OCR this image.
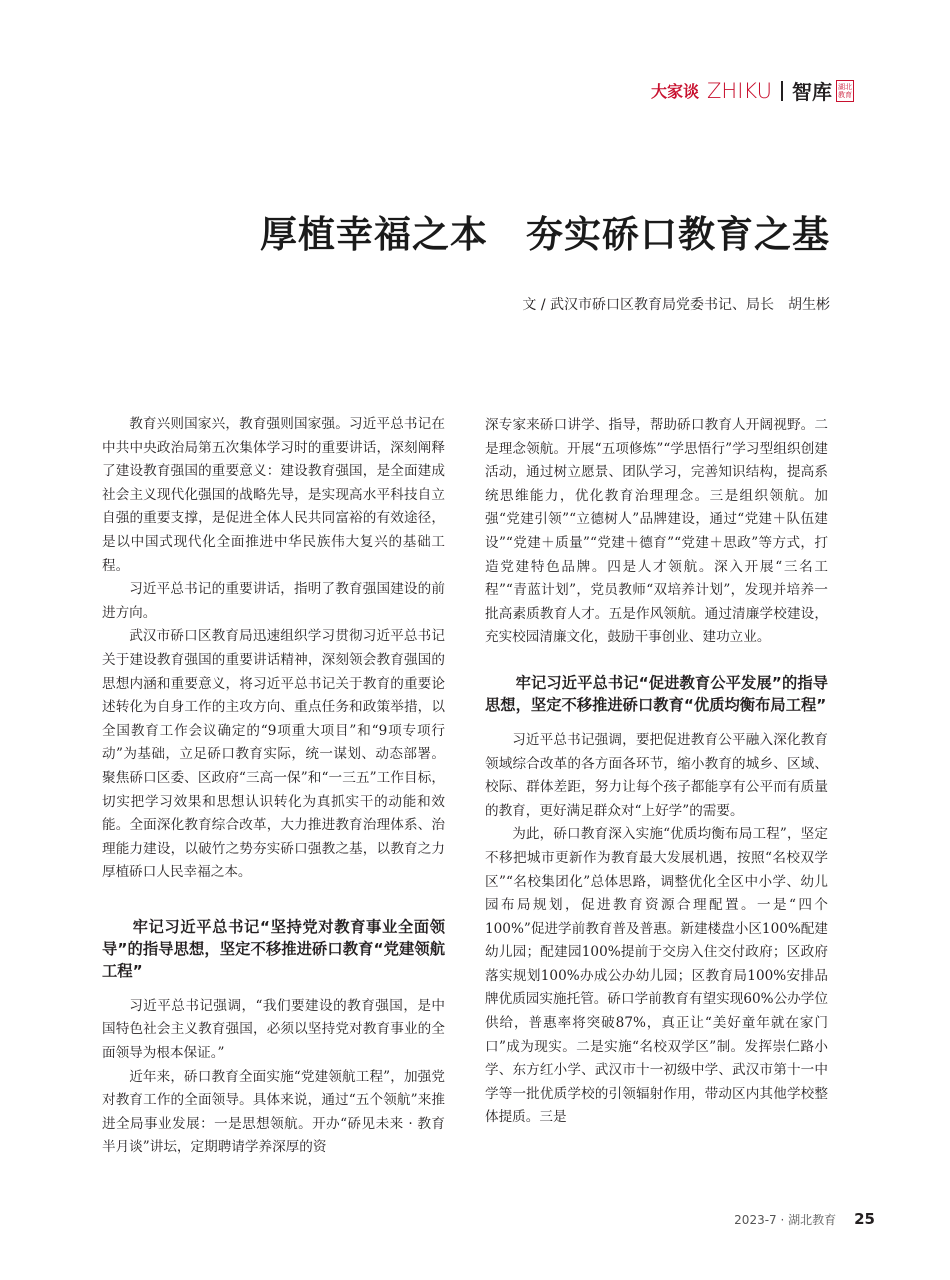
大家谈 ZHIKU 智库 湖北教育
厚植幸福之本　夯实硚口教育之基
文 / 武汉市硚口区教育局党委书记、局长　胡生彬

教育兴则国家兴，教育强则国家强。习近平总书记在中共中央政治局第五次集体学习时的重要讲话，深刻阐释了建设教育强国的重要意义：建设教育强国，是全面建成社会主义现代化强国的战略先导，是实现高水平科技自立自强的重要支撑，是促进全体人民共同富裕的有效途径，是以中国式现代化全面推进中华民族伟大复兴的基础工程。

习近平总书记的重要讲话，指明了教育强国建设的前进方向。

武汉市硚口区教育局迅速组织学习贯彻习近平总书记关于建设教育强国的重要讲话精神，深刻领会教育强国的思想内涵和重要意义，将习近平总书记关于教育的重要论述转化为自身工作的主攻方向、重点任务和政策举措，以全国教育工作会议确定的“9项重大项目”和“9项专项行动”为基础，立足硚口教育实际，统一谋划、动态部署。聚焦硚口区委、区政府“三高一保”和“一三五”工作目标，切实把学习效果和思想认识转化为真抓实干的动能和效能。全面深化教育综合改革，大力推进教育治理体系、治理能力建设，以破竹之势夯实硚口强教之基，以教育之力厚植硚口人民幸福之本。

牢记习近平总书记“坚持党对教育事业全面领导”的指导思想，坚定不移推进硚口教育“党建领航工程”

习近平总书记强调，“我们要建设的教育强国，是中国特色社会主义教育强国，必须以坚持党对教育事业的全面领导为根本保证。”

近年来，硚口教育全面实施“党建领航工程”，加强党对教育工作的全面领导。具体来说，通过“五个领航”来推进全局事业发展：一是思想领航。开办“硚见未来 · 教育半月谈”讲坛，定期聘请学养深厚的资

深专家来硚口讲学、指导，帮助硚口教育人开阔视野。二是理念领航。开展“五项修炼”“学思悟行”学习型组织创建活动，通过树立愿景、团队学习，完善知识结构，提高系统思维能力，优化教育治理理念。三是组织领航。加强“党建引领”“立德树人”品牌建设，通过“党建＋队伍建设”“党建＋质量”“党建＋德育”“党建＋思政”等方式，打造党建特色品牌。四是人才领航。深入开展“三名工程”“青蓝计划”，党员教师“双培养计划”，发现并培养一批高素质教育人才。五是作风领航。通过清廉学校建设，充实校园清廉文化，鼓励干事创业、建功立业。

牢记习近平总书记“促进教育公平发展”的指导思想，坚定不移推进硚口教育“优质均衡布局工程”

习近平总书记强调，要把促进教育公平融入深化教育领域综合改革的各方面各环节，缩小教育的城乡、区域、校际、群体差距，努力让每个孩子都能享有公平而有质量的教育，更好满足群众对“上好学”的需要。

为此，硚口教育深入实施“优质均衡布局工程”，坚定不移把城市更新作为教育最大发展机遇，按照“名校双学区”“名校集团化”总体思路，调整优化全区中小学、幼儿园布局规划，促进教育资源合理配置。一是“四个100%”促进学前教育普及普惠。新建楼盘小区100%配建幼儿园；配建园100%提前于交房入住交付政府；区政府落实规划100%办成公办幼儿园；区教育局100%安排品牌优质园实施托管。硚口学前教育有望实现60%公办学位供给，普惠率将突破87%，真正让“美好童年就在家门口”成为现实。二是实施“名校双学区”制。发挥崇仁路小学、东方红小学、武汉市十一初级中学、武汉市第十一中学等一批优质学校的引领辐射作用，带动区内其他学校整体提质。三是

2023-7 · 湖北教育 25
